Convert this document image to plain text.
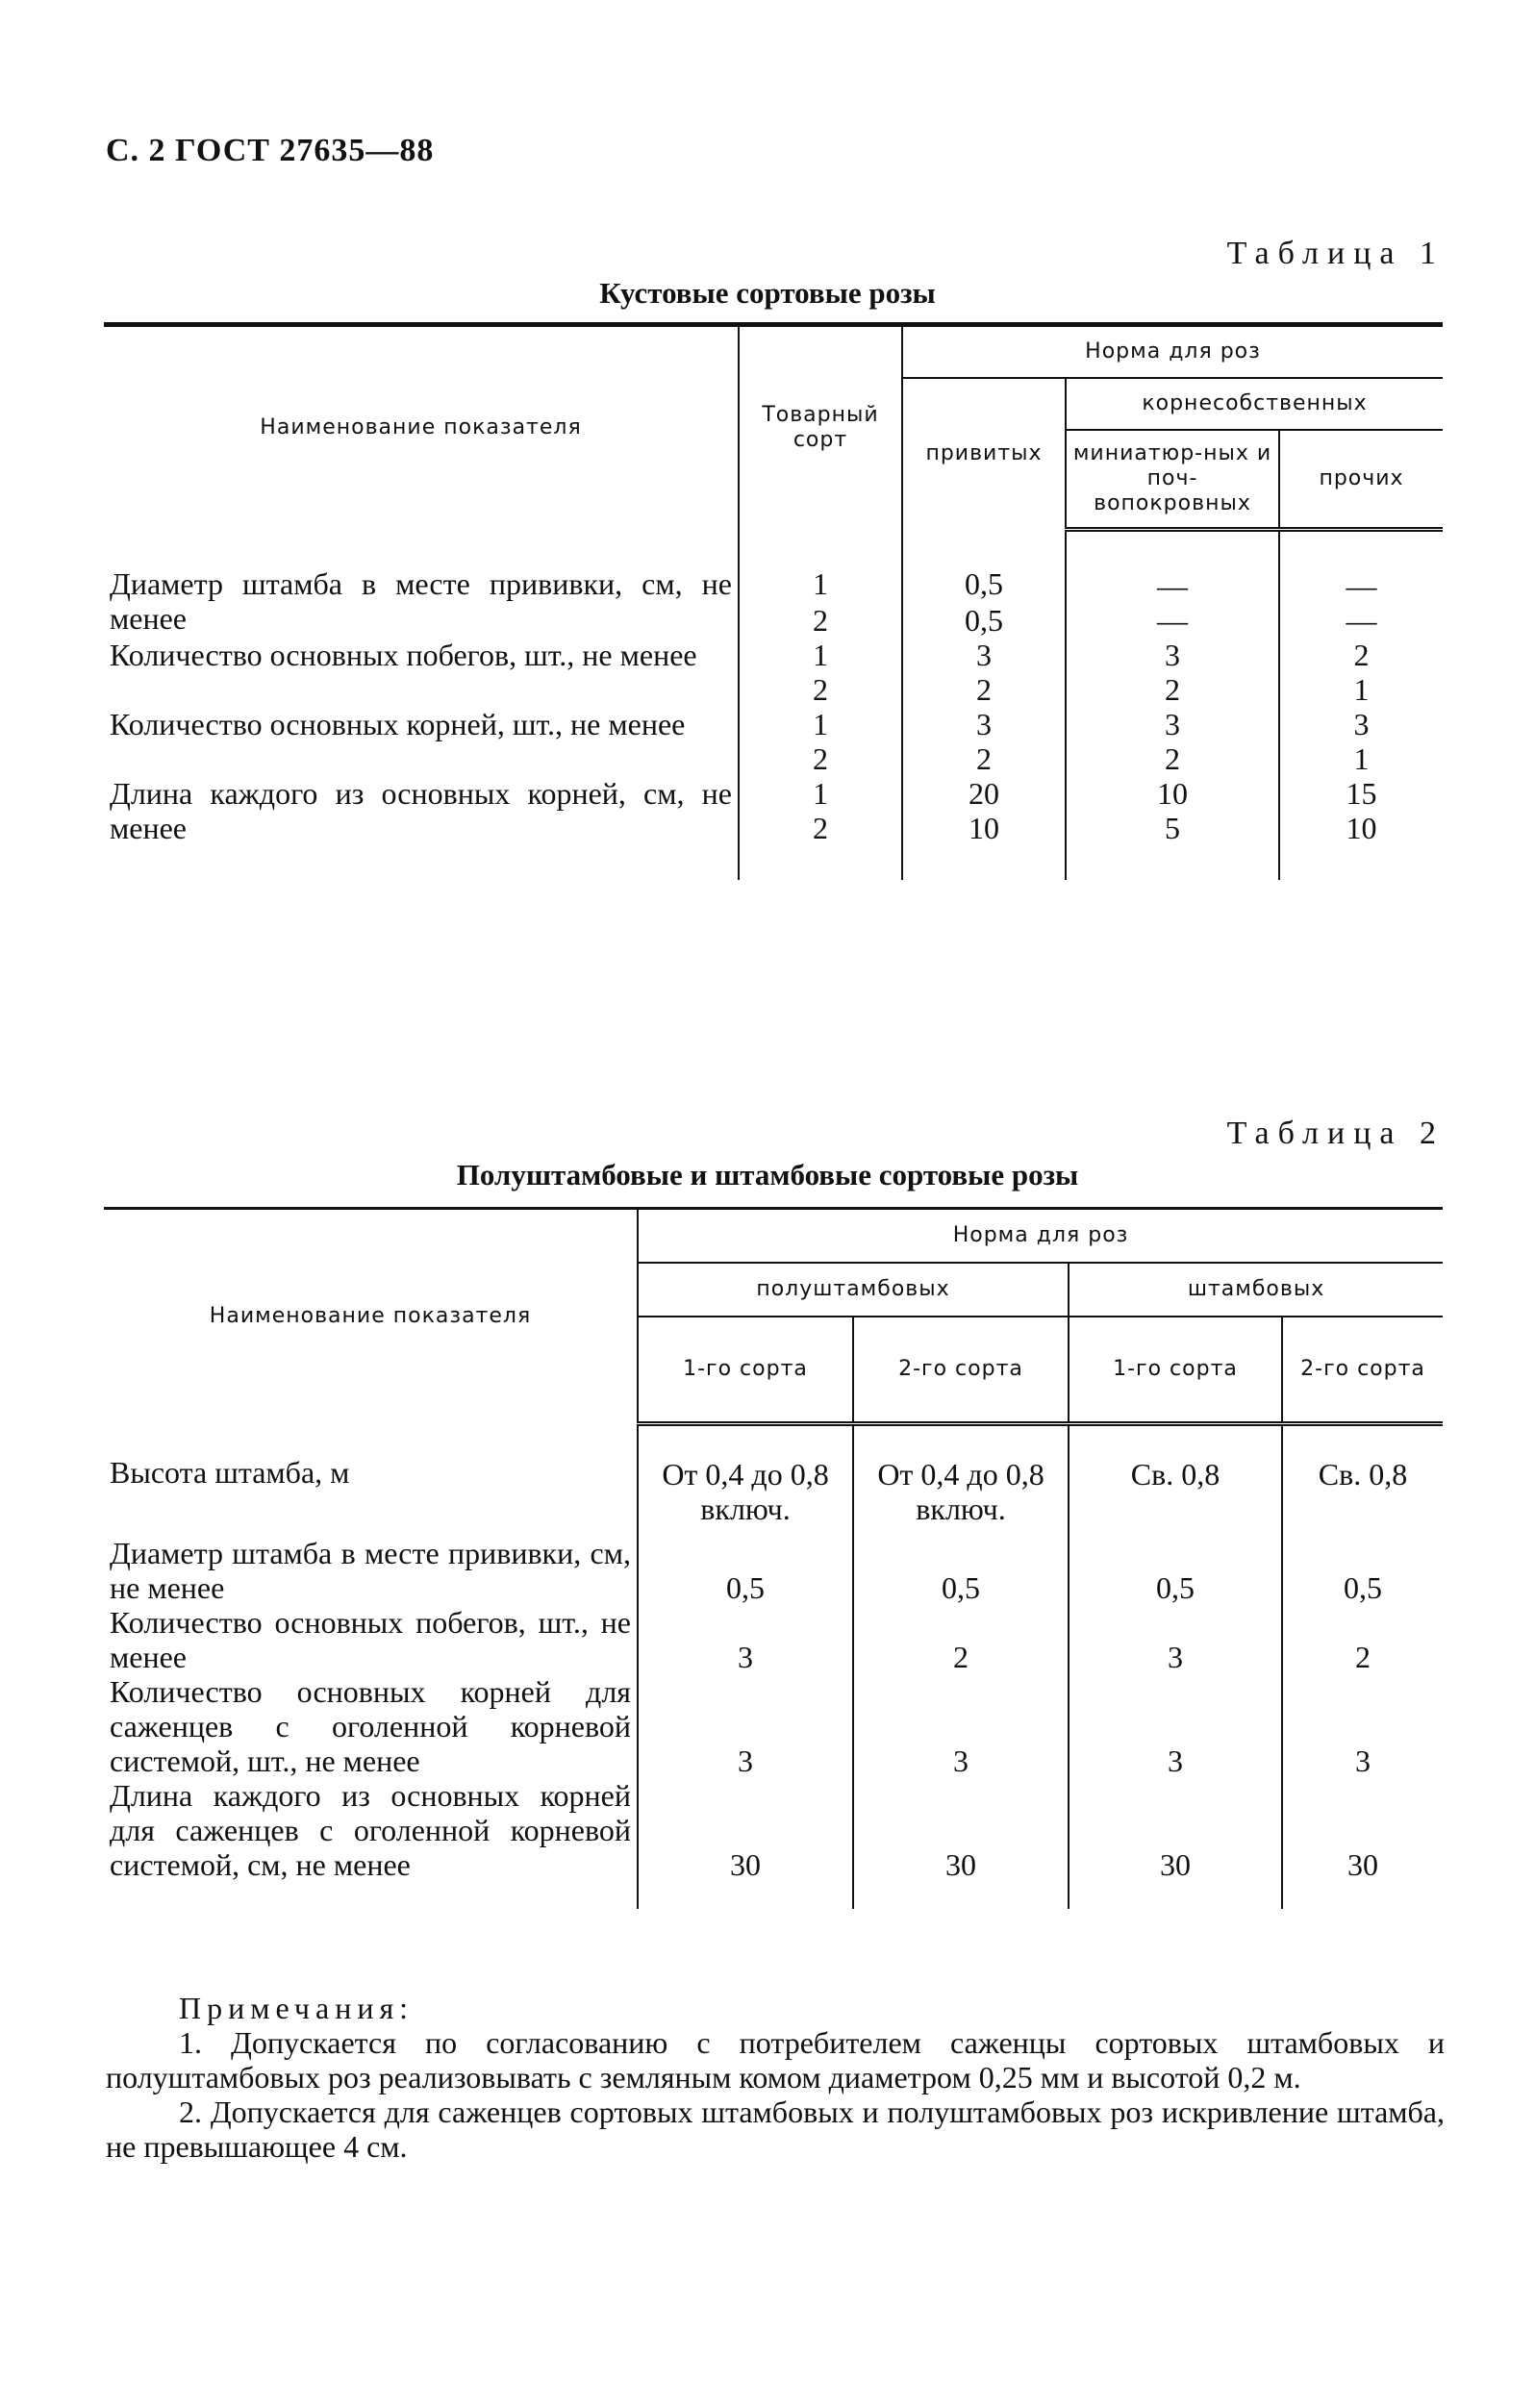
С. 2 ГОСТ 27635—88
Таблица 1
Кустовые сортовые розы
Наименование показателя	Товарный сорт	Норма для роз		
		привитых	корнесобственных	
			миниатюр-ных и поч-вопокровных	прочих
Диаметр штамба в месте прививки, см, не менее	1	0,5	—	—
	2	0,5	—	—
Количество основных побегов, шт., не менее	1	3	3	2
	2	2	2	1
Количество основных корней, шт., не менее	1	3	3	3
	2	2	2	1
Длина каждого из основных корней, см, не менее	1	20	10	15
	2	10	5	10
Таблица 2
Полуштамбовые и штамбовые сортовые розы
Наименование показателя	Норма для роз			
	полуштамбовых		штамбовых	
	1-го сорта	2-го сорта	1-го сорта	2-го сорта
Высота штамба, м	От 0,4 до 0,8 включ.	От 0,4 до 0,8 включ.	Св. 0,8	Св. 0,8
Диаметр штамба в месте прививки, см, не менее	0,5	0,5	0,5	0,5
Количество основных побегов, шт., не менее	3	2	3	2
Количество основных корней для саженцев с оголенной корневой системой, шт., не менее	3	3	3	3
Длина каждого из основных корней для саженцев с оголенной корневой системой, см, не менее	30	30	30	30
Примечания:

1. Допускается по согласованию с потребителем саженцы сортовых штамбовых и полуштамбовых роз реализовывать с земляным комом диаметром 0,25 мм и высотой 0,2 м.

2. Допускается для саженцев сортовых штамбовых и полуштамбовых роз искривление штамба, не превышающее 4 см.
